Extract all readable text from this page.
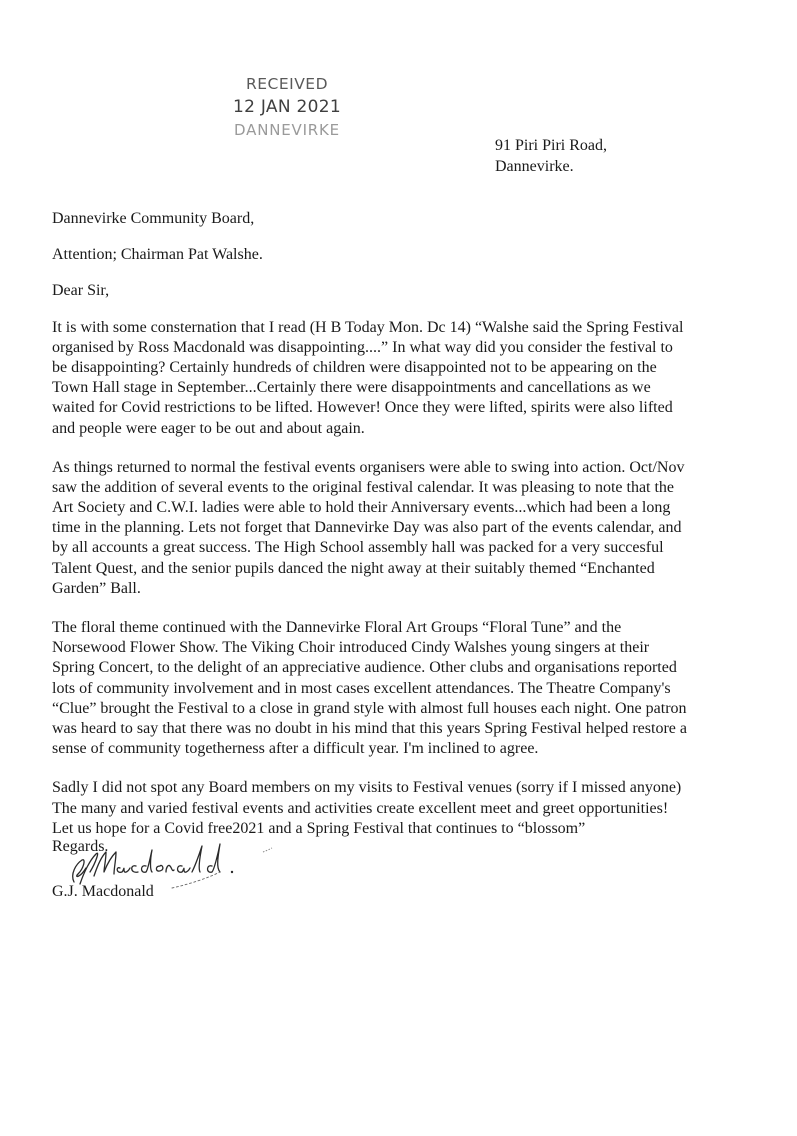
RECEIVED
12 JAN 2021
DANNEVIRKE
91 Piri Piri Road,
Dannevirke.
Dannevirke Community Board,
Attention; Chairman Pat Walshe.
Dear Sir,
It is with some consternation that I read (H B Today Mon. Dc 14) “Walshe said the Spring Festival
organised by Ross Macdonald was disappointing....” In what way did you consider the festival to
be disappointing? Certainly hundreds of children were disappointed not to be appearing on the
Town Hall stage in September...Certainly there were disappointments and cancellations as we
waited for Covid restrictions to be lifted. However! Once they were lifted, spirits were also lifted
and people were eager to be out and about again.
As things returned to normal the festival events organisers were able to swing into action. Oct/Nov
saw the addition of several events to the original festival calendar. It was pleasing to note that the
Art Society and C.W.I. ladies were able to hold their Anniversary events...which had been a long
time in the planning. Lets not forget that Dannevirke Day was also part of the events calendar, and
by all accounts a great success. The High School assembly hall was packed for a very succesful
Talent Quest, and the senior pupils danced the night away at their suitably themed “Enchanted
Garden” Ball.
The floral theme continued with the Dannevirke Floral Art Groups “Floral Tune” and the
Norsewood Flower Show. The Viking Choir introduced Cindy Walshes young singers at their
Spring Concert, to the delight of an appreciative audience. Other clubs and organisations reported
lots of community involvement and in most cases excellent attendances. The Theatre Company's
“Clue” brought the Festival to a close in grand style with almost full houses each night. One patron
was heard to say that there was no doubt in his mind that this years Spring Festival helped restore a
sense of community togetherness after a difficult year. I'm inclined to agree.
Sadly I did not spot any Board members on my visits to Festival venues (sorry if I missed anyone)
The many and varied festival events and activities create excellent meet and greet opportunities!
Let us hope for a Covid free2021 and a Spring Festival that continues to “blossom”
Regards.
G.J. Macdonald
